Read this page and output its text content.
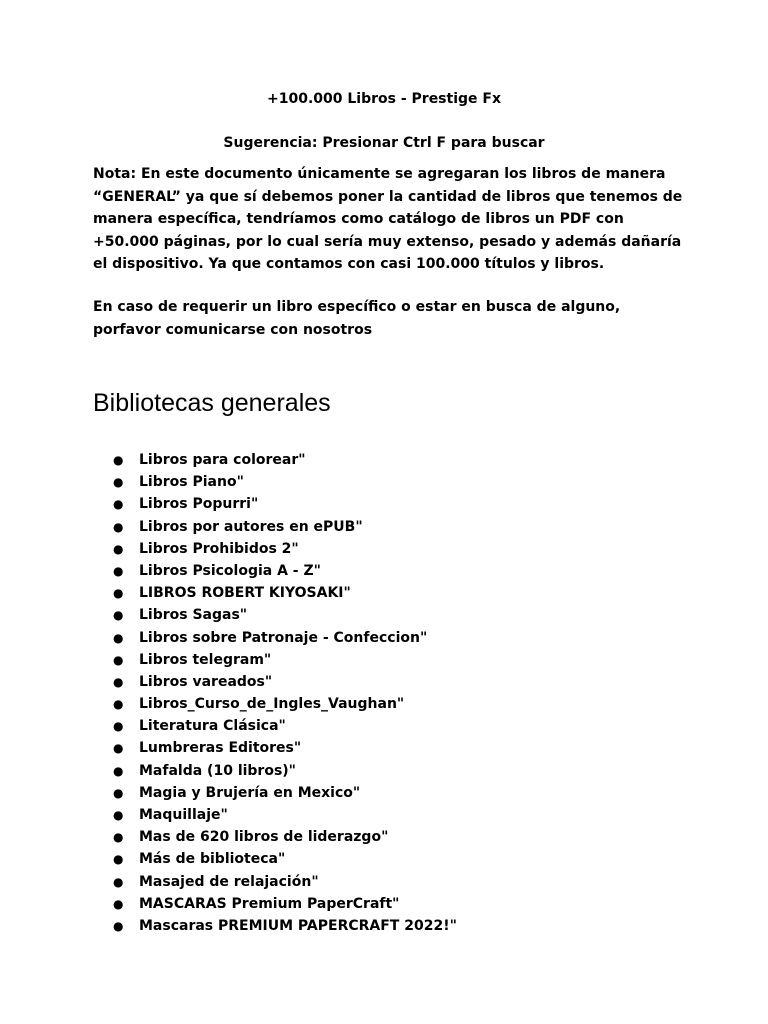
+100.000 Libros - Prestige Fx

Sugerencia: Presionar Ctrl F para buscar

Nota: En este documento únicamente se agregaran los libros de manera “GENERAL” ya que sí debemos poner la cantidad de libros que tenemos de manera específica, tendríamos como catálogo de libros un PDF con +50.000 páginas, por lo cual sería muy extenso, pesado y además dañaría el dispositivo. Ya que contamos con casi 100.000 títulos y libros.

En caso de requerir un libro específico o estar en busca de alguno, porfavor comunicarse con nosotros

Bibliotecas generales
● Libros para colorear"
● Libros Piano"
● Libros Popurri"
● Libros por autores en ePUB"
● Libros Prohibidos 2"
● Libros Psicologia A - Z"
● LIBROS ROBERT KIYOSAKI"
● Libros Sagas"
● Libros sobre Patronaje - Confeccion"
● Libros telegram"
● Libros vareados"
● Libros_Curso_de_Ingles_Vaughan"
● Literatura Clásica"
● Lumbreras Editores"
● Mafalda (10 libros)"
● Magia y Brujería en Mexico"
● Maquillaje"
● Mas de 620 libros de liderazgo"
● Más de biblioteca"
● Masajed de relajación"
● MASCARAS Premium PaperCraft"
● Mascaras PREMIUM PAPERCRAFT 2022!"
